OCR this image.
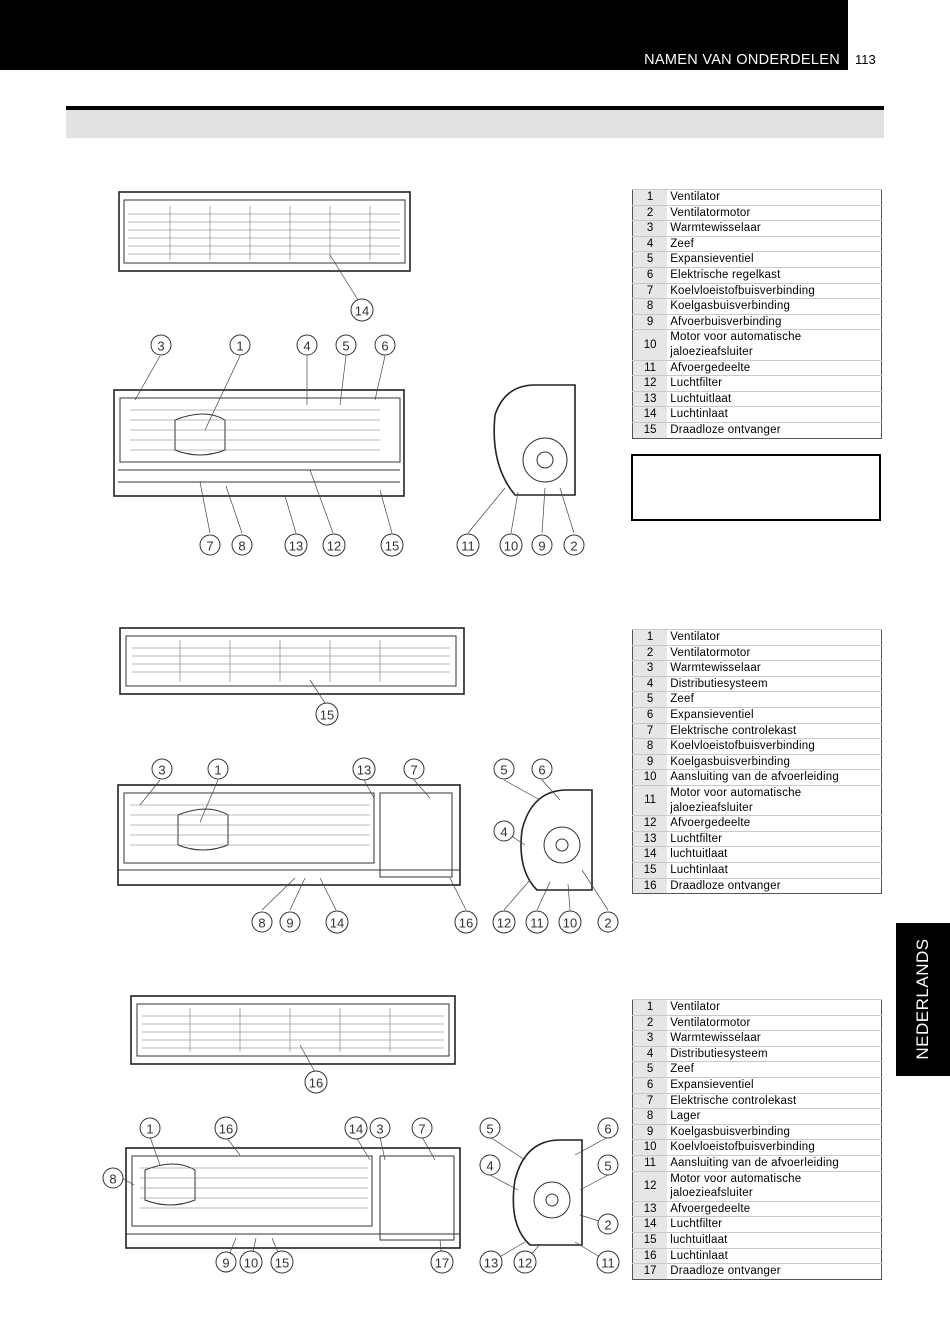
NAMEN VAN ONDERDELEN 113
14
3	1	4 5 6
7 8	13 12	15	11 10 9 2
15
3	1	13	7	5 6
4
8 9	14	16 12 11 10 2
16
1	16	14 3	7	5	6
8
4	5
2
9 10 15	17	13 12	11
1	Ventilator
2	Ventilatormotor
3	Warmtewisselaar
4	Zeef
5	Expansieventiel
6	Elektrische regelkast
7	Koelvloeistofbuisverbinding
8	Koelgasbuisverbinding
9	Afvoerbuisverbinding
10	Motor voor automatische jaloezieafsluiter
11	Afvoergedeelte
12	Luchtfilter
13	Luchtuitlaat
14	Luchtinlaat
15	Draadloze ontvanger
1	Ventilator
2	Ventilatormotor
3	Warmtewisselaar
4	Distributiesysteem
5	Zeef
6	Expansieventiel
7	Elektrische controlekast
8	Koelvloeistofbuisverbinding
9	Koelgasbuisverbinding
10	Aansluiting van de afvoerleiding
11	Motor voor automatische jaloezieafsluiter
12	Afvoergedeelte
13	Luchtfilter
14	luchtuitlaat
15	Luchtinlaat
16	Draadloze ontvanger
1	Ventilator
2	Ventilatormotor
3	Warmtewisselaar
4	Distributiesysteem
5	Zeef
6	Expansieventiel
7	Elektrische controlekast
8	Lager
9	Koelgasbuisverbinding
10	Koelvloeistofbuisverbinding
11	Aansluiting van de afvoerleiding
12	Motor voor automatische jaloezieafsluiter
13	Afvoergedeelte
14	Luchtfilter
15	luchtuitlaat
16	Luchtinlaat
17	Draadloze ontvanger
NEDERLANDS
